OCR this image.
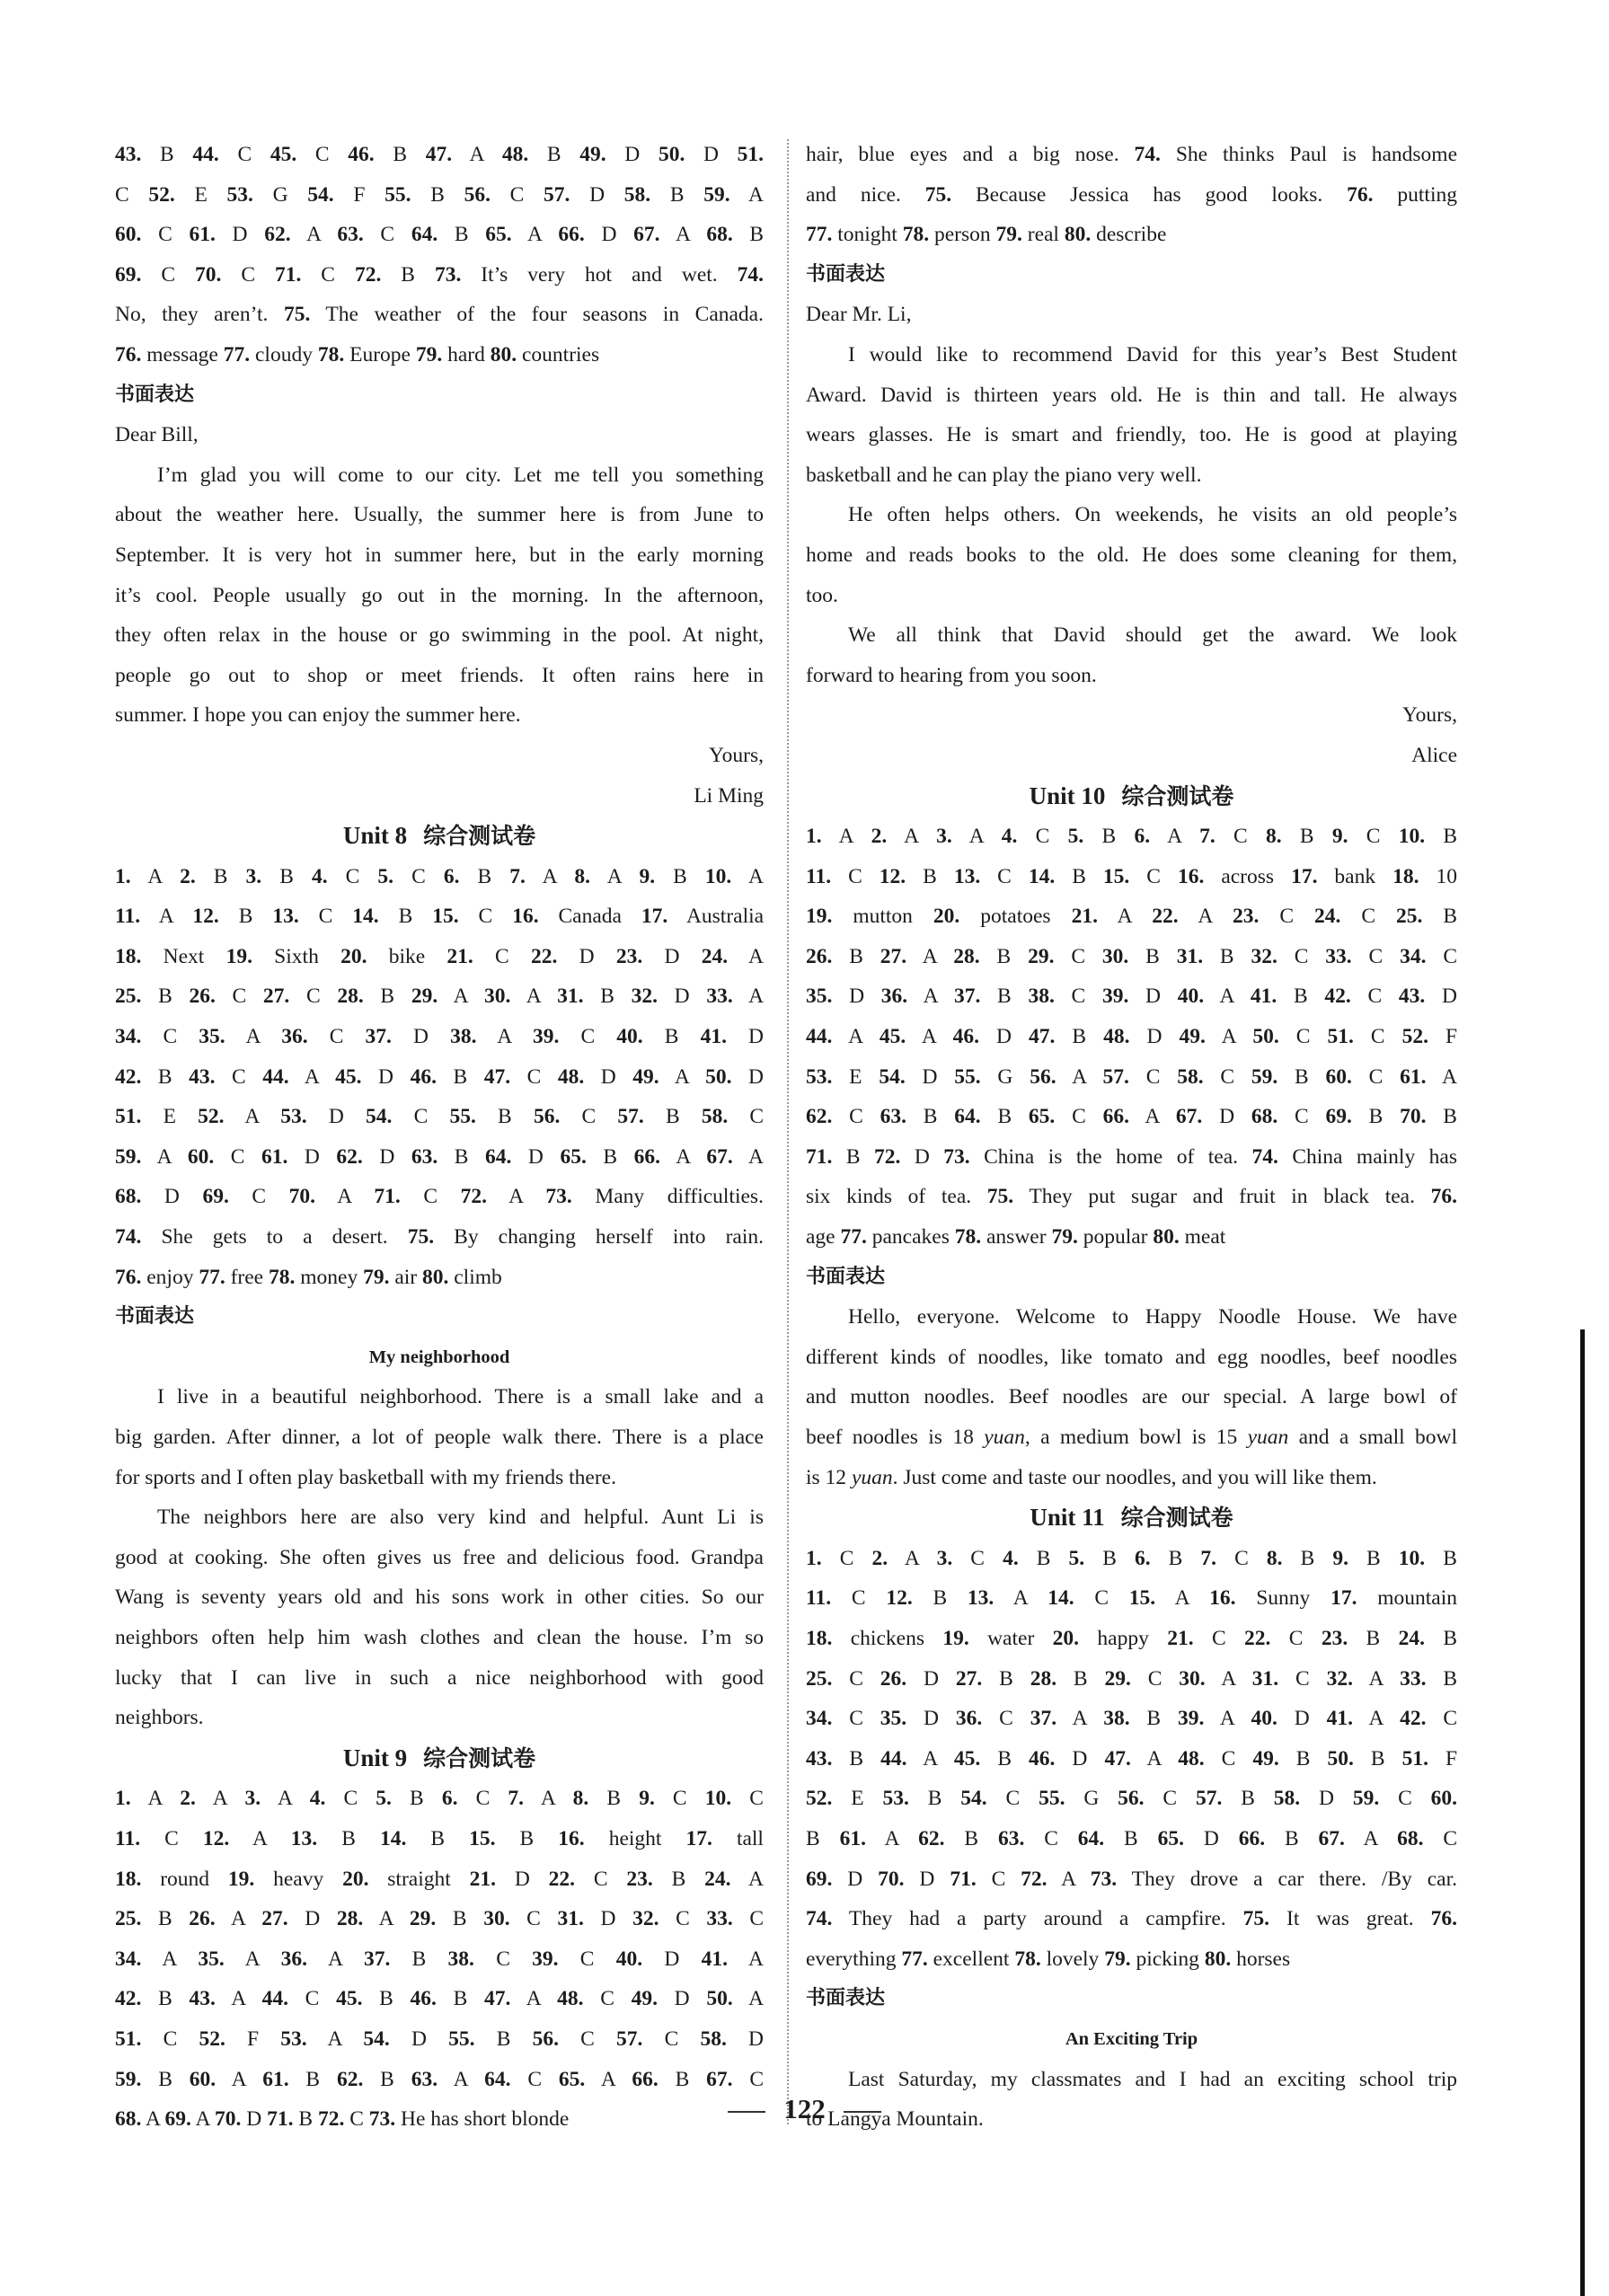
43. B 44. C 45. C 46. B 47. A 48. B 49. D 50. D 51.

C 52. E 53. G 54. F 55. B 56. C 57. D 58. B 59. A

60. C 61. D 62. A 63. C 64. B 65. A 66. D 67. A 68. B

69. C 70. C 71. C 72. B 73. It’s very hot and wet. 74.

No, they aren’t. 75. The weather of the four seasons in Canada.

76. message 77. cloudy 78. Europe 79. hard 80. countries

书面表达

Dear Bill,

I’m glad you will come to our city. Let me tell you something

about the weather here. Usually, the summer here is from June to

September. It is very hot in summer here, but in the early morning

it’s cool. People usually go out in the morning. In the afternoon,

they often relax in the house or go swimming in the pool. At night,

people go out to shop or meet friends. It often rains here in

summer. I hope you can enjoy the summer here.

Yours,

Li Ming

Unit 8 综合测试卷

1. A 2. B 3. B 4. C 5. C 6. B 7. A 8. A 9. B 10. A

11. A 12. B 13. C 14. B 15. C 16. Canada 17. Australia

18. Next 19. Sixth 20. bike 21. C 22. D 23. D 24. A

25. B 26. C 27. C 28. B 29. A 30. A 31. B 32. D 33. A

34. C 35. A 36. C 37. D 38. A 39. C 40. B 41. D

42. B 43. C 44. A 45. D 46. B 47. C 48. D 49. A 50. D

51. E 52. A 53. D 54. C 55. B 56. C 57. B 58. C

59. A 60. C 61. D 62. D 63. B 64. D 65. B 66. A 67. A

68. D 69. C 70. A 71. C 72. A 73. Many difficulties.

74. She gets to a desert. 75. By changing herself into rain.

76. enjoy 77. free 78. money 79. air 80. climb

书面表达

My neighborhood

I live in a beautiful neighborhood. There is a small lake and a

big garden. After dinner, a lot of people walk there. There is a place

for sports and I often play basketball with my friends there.

The neighbors here are also very kind and helpful. Aunt Li is

good at cooking. She often gives us free and delicious food. Grandpa

Wang is seventy years old and his sons work in other cities. So our

neighbors often help him wash clothes and clean the house. I’m so

lucky that I can live in such a nice neighborhood with good

neighbors.

Unit 9 综合测试卷

1. A 2. A 3. A 4. C 5. B 6. C 7. A 8. B 9. C 10. C

11. C 12. A 13. B 14. B 15. B 16. height 17. tall

18. round 19. heavy 20. straight 21. D 22. C 23. B 24. A

25. B 26. A 27. D 28. A 29. B 30. C 31. D 32. C 33. C

34. A 35. A 36. A 37. B 38. C 39. C 40. D 41. A

42. B 43. A 44. C 45. B 46. B 47. A 48. C 49. D 50. A

51. C 52. F 53. A 54. D 55. B 56. C 57. C 58. D

59. B 60. A 61. B 62. B 63. A 64. C 65. A 66. B 67. C

68. A 69. A 70. D 71. B 72. C 73. He has short blonde

hair, blue eyes and a big nose. 74. She thinks Paul is handsome

and nice. 75. Because Jessica has good looks. 76. putting

77. tonight 78. person 79. real 80. describe

书面表达

Dear Mr. Li,

I would like to recommend David for this year’s Best Student

Award. David is thirteen years old. He is thin and tall. He always

wears glasses. He is smart and friendly, too. He is good at playing

basketball and he can play the piano very well.

He often helps others. On weekends, he visits an old people’s

home and reads books to the old. He does some cleaning for them,

too.

We all think that David should get the award. We look

forward to hearing from you soon.

Yours,

Alice

Unit 10 综合测试卷

1. A 2. A 3. A 4. C 5. B 6. A 7. C 8. B 9. C 10. B

11. C 12. B 13. C 14. B 15. C 16. across 17. bank 18. 10

19. mutton 20. potatoes 21. A 22. A 23. C 24. C 25. B

26. B 27. A 28. B 29. C 30. B 31. B 32. C 33. C 34. C

35. D 36. A 37. B 38. C 39. D 40. A 41. B 42. C 43. D

44. A 45. A 46. D 47. B 48. D 49. A 50. C 51. C 52. F

53. E 54. D 55. G 56. A 57. C 58. C 59. B 60. C 61. A

62. C 63. B 64. B 65. C 66. A 67. D 68. C 69. B 70. B

71. B 72. D 73. China is the home of tea. 74. China mainly has

six kinds of tea. 75. They put sugar and fruit in black tea. 76.

age 77. pancakes 78. answer 79. popular 80. meat

书面表达

Hello, everyone. Welcome to Happy Noodle House. We have

different kinds of noodles, like tomato and egg noodles, beef noodles

and mutton noodles. Beef noodles are our special. A large bowl of

beef noodles is 18 yuan, a medium bowl is 15 yuan and a small bowl

is 12 yuan. Just come and taste our noodles, and you will like them.

Unit 11 综合测试卷

1. C 2. A 3. C 4. B 5. B 6. B 7. C 8. B 9. B 10. B

11. C 12. B 13. A 14. C 15. A 16. Sunny 17. mountain

18. chickens 19. water 20. happy 21. C 22. C 23. B 24. B

25. C 26. D 27. B 28. B 29. C 30. A 31. C 32. A 33. B

34. C 35. D 36. C 37. A 38. B 39. A 40. D 41. A 42. C

43. B 44. A 45. B 46. D 47. A 48. C 49. B 50. B 51. F

52. E 53. B 54. C 55. G 56. C 57. B 58. D 59. C 60.

B 61. A 62. B 63. C 64. B 65. D 66. B 67. A 68. C

69. D 70. D 71. C 72. A 73. They drove a car there. /By car.

74. They had a party around a campfire. 75. It was great. 76.

everything 77. excellent 78. lovely 79. picking 80. horses

书面表达

An Exciting Trip

Last Saturday, my classmates and I had an exciting school trip

to Langya Mountain.

122
